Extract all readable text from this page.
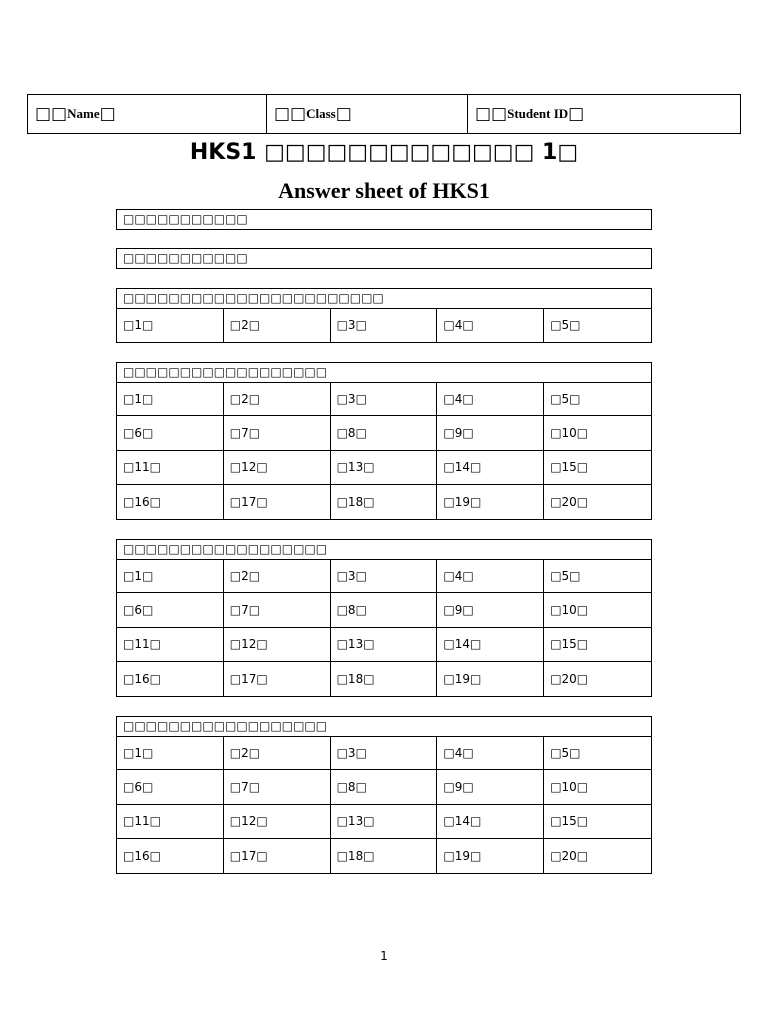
□□ Name □	□□ Class □	□□ Student ID □
HKS1 □□□□□□□□□□□□□ 1□
Answer sheet of HKS1
□□□□□□□□□□□
□□□□□□□□□□□
□□□□□□□□□□□□□□□□□□□□□□□
□1□	□2□	□3□	□4□	□5□
□□□□□□□□□□□□□□□□□□
□1□	□2□	□3□	□4□	□5□
□6□	□7□	□8□	□9□	□10□
□11□	□12□	□13□	□14□	□15□
□16□	□17□	□18□	□19□	□20□
□□□□□□□□□□□□□□□□□□
□1□	□2□	□3□	□4□	□5□
□6□	□7□	□8□	□9□	□10□
□11□	□12□	□13□	□14□	□15□
□16□	□17□	□18□	□19□	□20□
□□□□□□□□□□□□□□□□□□
□1□	□2□	□3□	□4□	□5□
□6□	□7□	□8□	□9□	□10□
□11□	□12□	□13□	□14□	□15□
□16□	□17□	□18□	□19□	□20□
1
